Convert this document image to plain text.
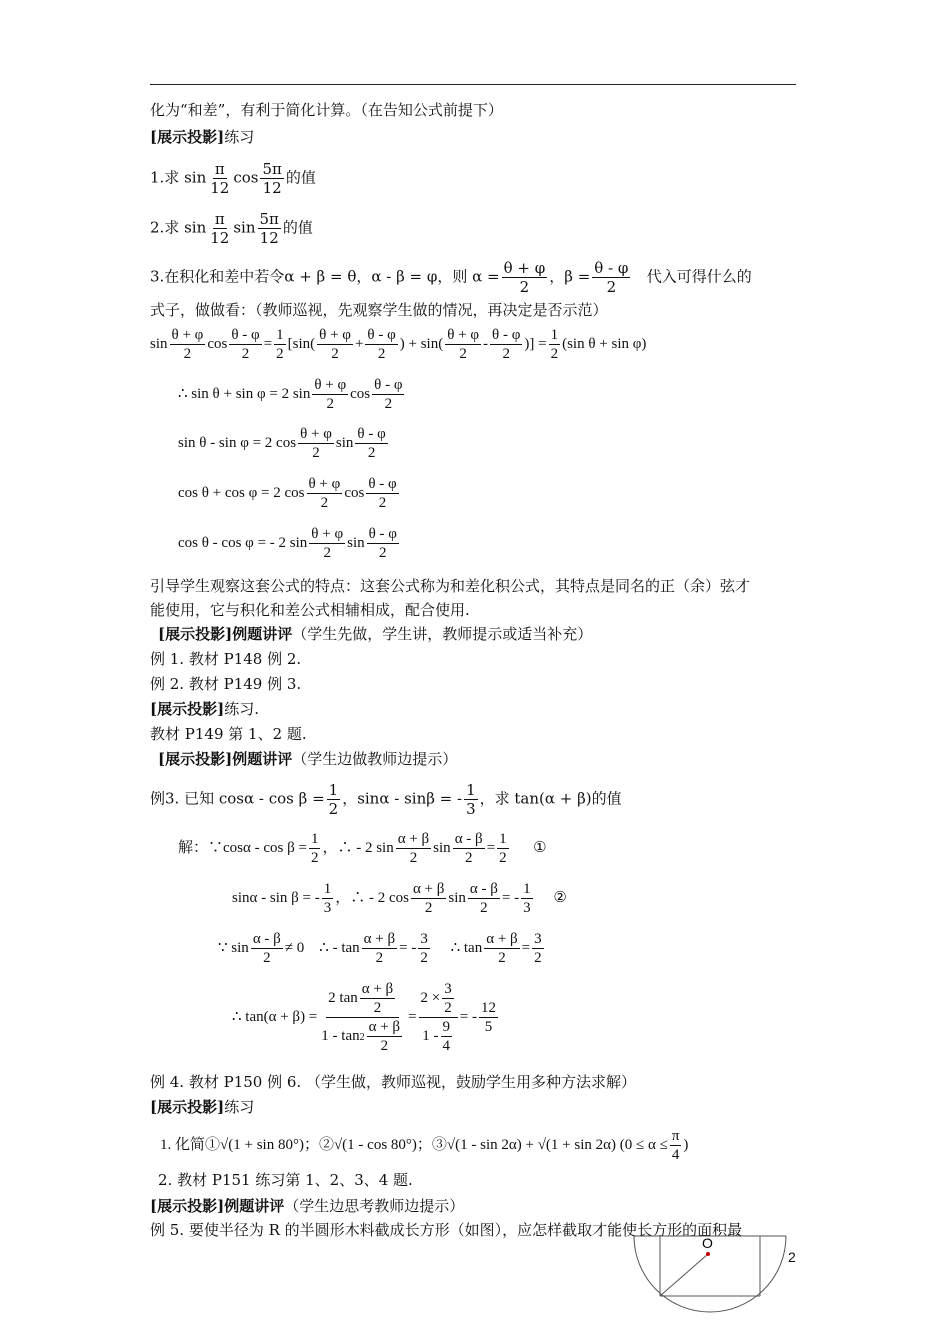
化为“和差”，有利于简化计算。（在告知公式前提下）
[展示投影]练习
1.求 $\sin \frac{\pi}{12}$ $\cos \frac{5\pi}{12}$ 的值
2.求 $\sin \frac{\pi}{12}$ $\sin \frac{5\pi}{12}$ 的值
3.在积化和差中若令α + β = θ，α - β = φ，则 $\alpha = \frac{\theta + \varphi}{2}$ ，$\beta = \frac{\theta - \varphi}{2}$ 代入可得什么的
式子，做做看：（教师巡视，先观察学生做的情况，再决定是否示范）
$\sin \frac{\theta + \varphi}{2}$ $\cos \frac{\theta - \varphi}{2} = \frac{1}{2} [\sin( \frac{\theta + \varphi}{2} + \frac{\theta - \varphi}{2}$ ) + $\sin( \frac{\theta + \varphi}{2} - \frac{\theta - \varphi}{2}$ )] = $\frac{1}{2} (\sin$ θ + sin φ)
∴ sin θ + sin φ = 2 $\sin \frac{\theta + \varphi}{2}$ $\cos \frac{\theta - \varphi}{2}$
sin θ - sin φ = 2 $\cos \frac{\theta + \varphi}{2}$ $\sin \frac{\theta - \varphi}{2}$
cos θ + cos φ = 2 $\cos \frac{\theta + \varphi}{2}$ $\cos \frac{\theta - \varphi}{2}$
cos θ - cos φ = - 2 $\sin \frac{\theta + \varphi}{2}$ $\sin \frac{\theta - \varphi}{2}$
引导学生观察这套公式的特点：这套公式称为和差化积公式，其特点是同名的正（余）弦才
能使用，它与积化和差公式相辅相成，配合使用.
[展示投影]例题讲评（学生先做，学生讲，教师提示或适当补充）
例 1. 教材 P148 例 2.
例 2. 教材 P149 例 3.
[展示投影]练习.
教材 P149 第 1、2 题.
[展示投影]例题讲评（学生边做教师边提示）
例3. 已知 $\cos\alpha - \cos \beta = \frac{1}{2}$ ，sinα - sinβ = - $\frac{1}{3}$ ，求 tan(α + β)的值
解：∵cosα - $\cos \beta = \frac{1}{2}$ ，∴ - 2 $\sin \frac{\alpha + \beta}{2}$ $\sin \frac{\alpha - \beta}{2} = \frac{1}{2}$ ①
sinα - sin β = - $\frac{1}{3}$ ，∴ - 2 $\cos \frac{\alpha + \beta}{2}$ $\sin \frac{\alpha - \beta}{2}$ = - $\frac{1}{3}$ ②
∵ $\sin \frac{\alpha - \beta}{2} \ne 0$    ∴ - $\tan \frac{\alpha + \beta}{2}$ = - $\frac{3}{2}$ ∴ $\tan \frac{\alpha + \beta}{2} = \frac{3}{2}$
∴ $\tan(\alpha + \beta) = \frac{2 \tan \frac{\alpha + \beta}{2}}{1 - \tan 2 \frac{\alpha + \beta}{2}} = \frac{2 \times \frac{3}{2}}{1 - \frac{9}{4}}$ = - $\frac{12}{5}$
例 4. 教材 P150 例 6. （学生做，教师巡视，鼓励学生用多种方法求解）
[展示投影]练习
1. 化简①√(1 + sin 80°)；②√(1 - cos 80°)；③√(1 - sin 2α) + √(1 + sin 2α) ($0 \le \alpha \le \frac{\pi}{4}$ )
2. 教材 P151 练习第 1、2、3、4 题.
[展示投影]例题讲评（学生边思考教师边提示）
例 5. 要使半径为 R 的半圆形木料截成长方形（如图），应怎样截取才能使长方形的面积最
2
O
